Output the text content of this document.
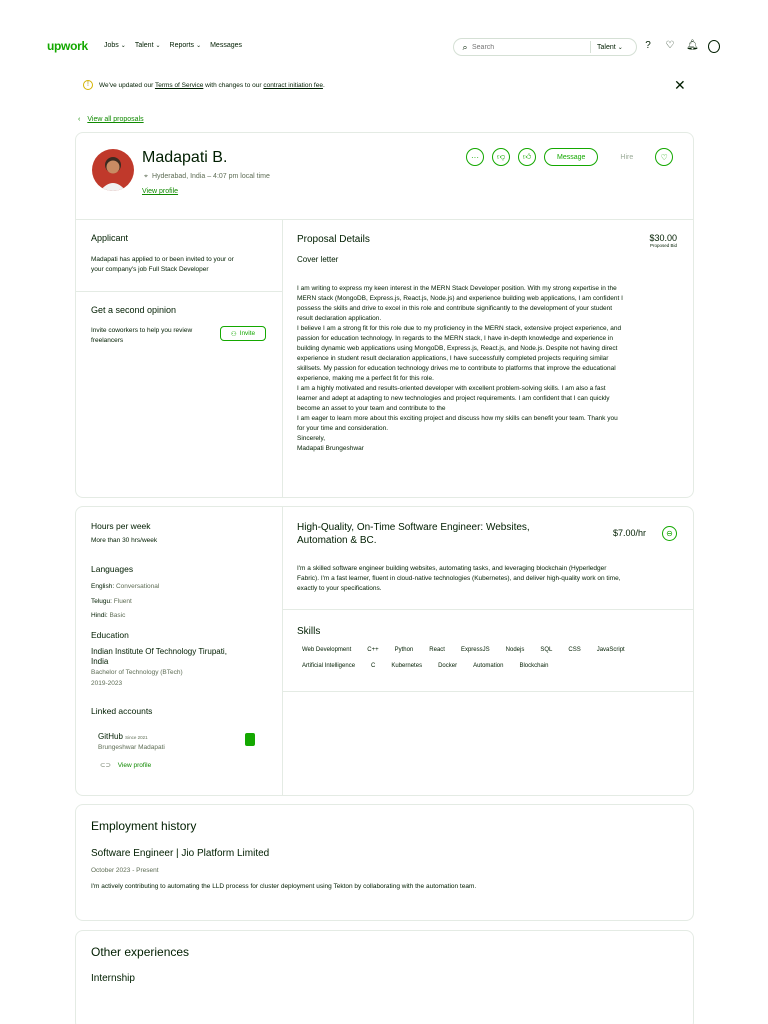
upwork Jobs ⌄ Talent ⌄ Reports ⌄ Messages	⌕
Search	Talent ⌄	?	♡ 🔔︎
!	We've updated our Terms of Service with changes to our contract initiation fee.	✕
‹ View all proposals
Madapati B.
⌖ Hyderabad, India – 4:07 pm local time
View profile
···	👎︎	👍︎	Message	Hire	♡
Applicant
Madapati has applied to or been invited to your or
your company's job Full Stack Developer
Get a second opinion
Invite coworkers to help you review
freelancers
⚇ Invite
Proposal Details	$30.00
Proposed Bid
Cover letter

I am writing to express my keen interest in the MERN Stack Developer position. With my strong expertise in the

MERN stack (MongoDB, Express.js, React.js, Node.js) and experience building web applications, I am confident I

possess the skills and drive to excel in this role and contribute significantly to the development of your student

result declaration application.

I believe I am a strong fit for this role due to my proficiency in the MERN stack, extensive project experience, and

passion for education technology. In regards to the MERN stack, I have in-depth knowledge and experience in

building dynamic web applications using MongoDB, Express.js, React.js, and Node.js. Despite not having direct

experience in student result declaration applications, I have successfully completed projects requiring similar

skillsets. My passion for education technology drives me to contribute to platforms that improve the educational

experience, making me a perfect fit for this role.

I am a highly motivated and results-oriented developer with excellent problem-solving skills. I am also a fast

learner and adept at adapting to new technologies and project requirements. I am confident that I can quickly

become an asset to your team and contribute to the

I am eager to learn more about this exciting project and discuss how my skills can benefit your team. Thank you

for your time and consideration.

Sincerely,

Madapati Brungeshwar

Hours per week
More than 30 hrs/week
Languages
English: Conversational
Telugu: Fluent
Hindi: Basic
Education
Indian Institute Of Technology Tirupati,
India
Bachelor of Technology (BTech)
2019-2023
Linked accounts
GitHub Since 2021
Brungeshwar Madapati
⊂⊃ View profile
High-Quality, On-Time Software Engineer: Websites,
Automation & BC.
$7.00/hr	⊖
I'm a skilled software engineer building websites, automating tasks, and leveraging blockchain (Hyperledger
Fabric). I'm a fast learner, fluent in cloud-native technologies (Kubernetes), and deliver high-quality work on time,
exactly to your specifications.
Skills
Web Development	C++	Python	React	ExpressJS	Nodejs	SQL	CSS	JavaScript
Artificial Intelligence	C	Kubernetes	Docker	Automation	Blockchain
Employment history
Software Engineer | Jio Platform Limited
October 2023 - Present
I'm actively contributing to automating the LLD process for cluster deployment using Tekton by collaborating with the automation team.
Other experiences
Internship
